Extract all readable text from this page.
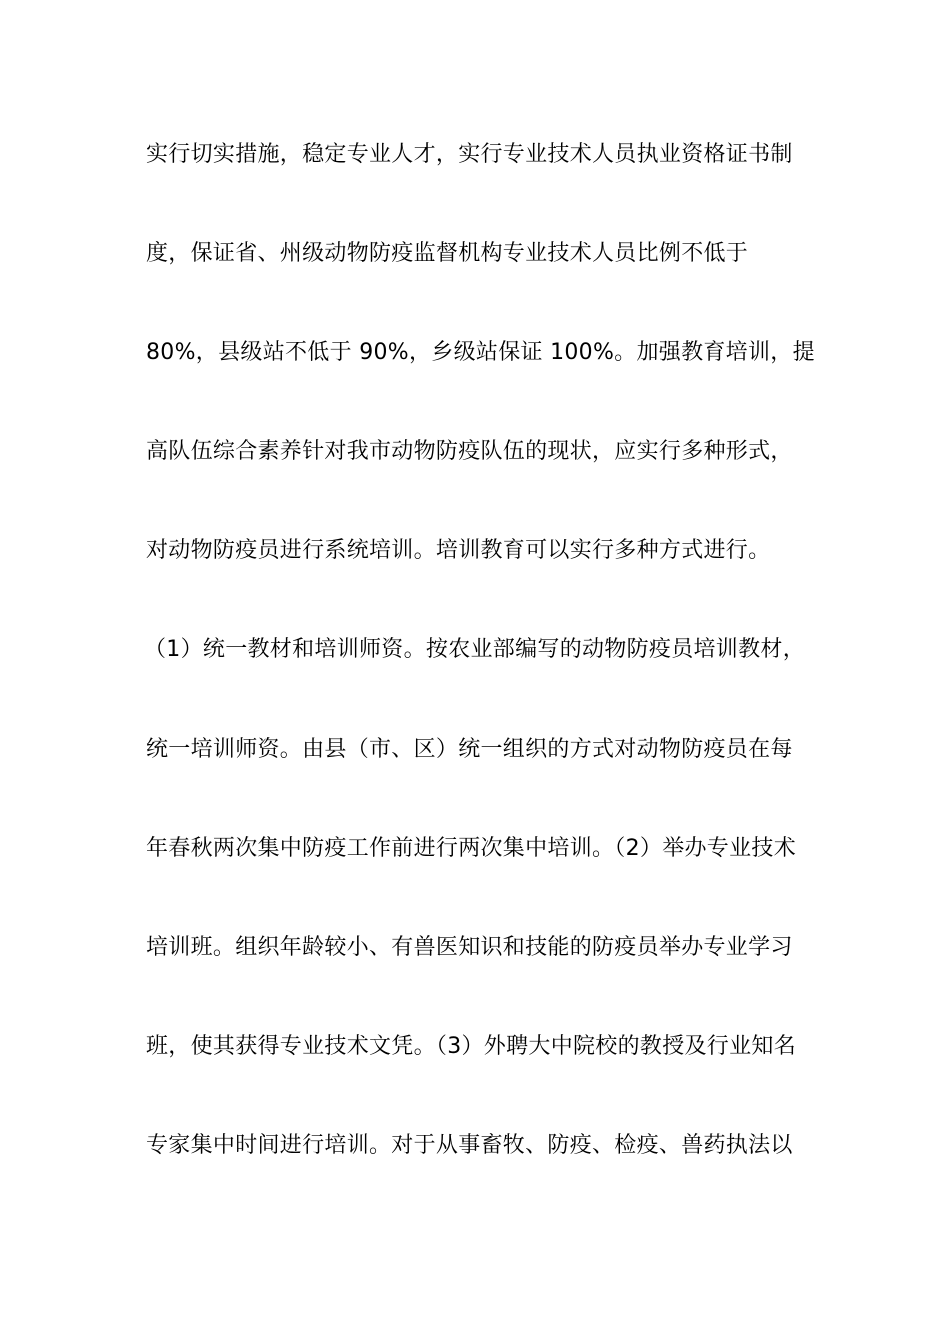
实行切实措施，稳定专业人才，实行专业技术人员执业资格证书制
度，保证省、州级动物防疫监督机构专业技术人员比例不低于
80%，县级站不低于 90%，乡级站保证 100%。加强教育培训，提
高队伍综合素养针对我市动物防疫队伍的现状，应实行多种形式，
对动物防疫员进行系统培训。培训教育可以实行多种方式进行。
（1）统一教材和培训师资。按农业部编写的动物防疫员培训教材，
统一培训师资。由县（市、区）统一组织的方式对动物防疫员在每
年春秋两次集中防疫工作前进行两次集中培训。（2）举办专业技术
培训班。组织年龄较小、有兽医知识和技能的防疫员举办专业学习
班，使其获得专业技术文凭。（3）外聘大中院校的教授及行业知名
专家集中时间进行培训。对于从事畜牧、防疫、检疫、兽药执法以
